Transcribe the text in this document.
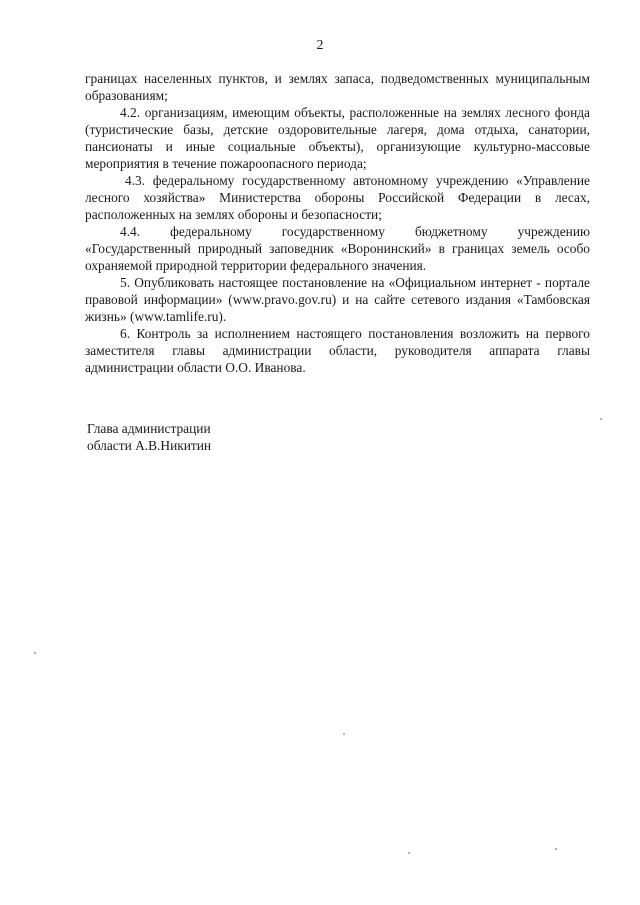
2

границах населенных пунктов, и землях запаса, подведомственных муниципальным образованиям;

4.2. организациям, имеющим объекты, расположенные на землях лесного фонда (туристические базы, детские оздоровительные лагеря, дома отдыха, санатории, пансионаты и иные социальные объекты), организующие культурно-массовые мероприятия в течение пожароопасного периода;

4.3. федеральному государственному автономному учреждению «Управление лесного хозяйства» Министерства обороны Российской Федерации в лесах, расположенных на землях обороны и безопасности;

4.4. федеральному государственному бюджетному учреждению «Государственный природный заповедник «Воронинский» в границах земель особо охраняемой природной территории федерального значения.

5. Опубликовать настоящее постановление на «Официальном интернет - портале правовой информации» (www.pravo.gov.ru) и на сайте сетевого издания «Тамбовская жизнь» (www.tamlife.ru).

6. Контроль за исполнением настоящего постановления возложить на первого заместителя главы администрации области, руководителя аппарата главы администрации области О.О. Иванова.

Глава администрации
области А.В.Никитин
